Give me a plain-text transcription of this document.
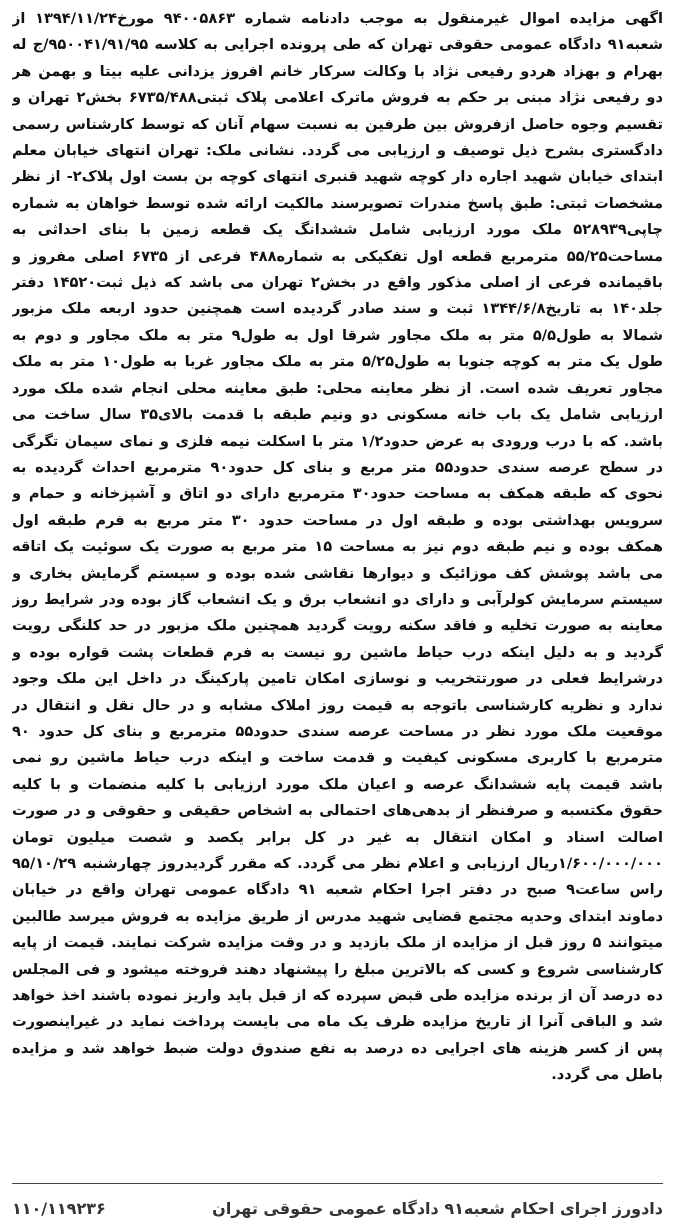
اگهی مزایده اموال غیرمنقول به موجب دادنامه شماره ۹۴۰۰۵۸۶۳ مورخ۱۳۹۴/۱۱/۲۴ از شعبه۹۱ دادگاه عمومی حقوقی تهران که طی پرونده اجرایی به کلاسه ۹۵۰۰۴۱/۹۱/۹۵/ج له بهرام و بهزاد هردو رفیعی نژاد با وکالت سرکار خانم افروز یزدانی علیه بیتا و بهمن هر دو رفیعی نژاد مبنی بر حکم به فروش ماترک اعلامی پلاک ثبتی۶۷۳۵/۴۸۸ بخش۲ تهران و تقسیم وجوه حاصل ازفروش بین طرفین به نسبت سهام آنان که توسط کارشناس رسمی دادگستری بشرح ذیل توصیف و ارزیابی می گردد. نشانی ملک: تهران انتهای خیابان معلم ابتدای خیابان شهید اجاره دار کوچه شهید قنبری انتهای کوچه بن بست اول پلاک۲- از نظر مشخصات ثبتی: طبق پاسخ مندرات تصویرسند مالکیت ارائه شده توسط خواهان به شماره چاپی۵۲۸۹۳۹ ملک مورد ارزیابی شامل ششدانگ یک قطعه زمین با بنای احداثی به مساحت۵۵/۲۵ مترمربع قطعه اول تفکیکی به شماره۴۸۸ فرعی از ۶۷۳۵ اصلی مفروز و باقیمانده فرعی از اصلی مذکور واقع در بخش۲ تهران می باشد که ذیل ثبت۱۴۵۲۰ دفتر جلد۱۴۰ به تاریخ۱۳۴۴/۶/۸ ثبت و سند صادر گردیده است همچنین حدود اربعه ملک مزبور شمالا به طول۵/۵ متر به ملک مجاور شرقا اول به طول۹ متر به ملک مجاور و دوم به طول یک متر به کوچه جنوبا به طول۵/۲۵ متر به ملک مجاور غربا به طول۱۰ متر به ملک مجاور تعریف شده است. از نظر معاینه محلی: طبق معاینه محلی انجام شده ملک مورد ارزیابی شامل یک باب خانه مسکونی دو ونیم طبقه با قدمت بالای۳۵ سال ساخت می باشد. که با درب ورودی به عرض حدود۱/۲ متر با اسکلت نیمه فلزی و نمای سیمان تگرگی در سطح عرصه سندی حدود۵۵ متر مربع و بنای کل حدود۹۰ مترمربع احداث گردیده به نحوی که طبقه همکف به مساحت حدود۳۰ مترمربع دارای دو اتاق و آشپزخانه و حمام و سرویس بهداشتی بوده و طبقه اول در مساحت حدود ۳۰ متر مربع به فرم طبقه اول همکف بوده و نیم طبقه دوم نیز به مساحت ۱۵ متر مربع به صورت یک سوئیت یک اتاقه می باشد پوشش کف موزائیک و دیوارها نقاشی شده بوده و سیستم گرمایش بخاری و سیستم سرمایش کولرآبی و دارای دو انشعاب برق و یک انشعاب گاز بوده ودر شرایط روز معاینه به صورت تخلیه و فاقد سکنه رویت گردید همچنین ملک مزبور در حد کلنگی رویت گردید و به دلیل اینکه درب حیاط ماشین رو نیست به فرم قطعات پشت قواره بوده و درشرایط فعلی در صورتتخریب و نوسازی امکان تامین پارکینگ در داخل این ملک وجود ندارد و نظریه کارشناسی باتوجه به قیمت روز املاک مشابه و در حال نقل و انتقال در موقعیت ملک مورد نظر در مساحت عرصه سندی حدود۵۵ مترمربع و بنای کل حدود ۹۰ مترمربع با کاربری مسکونی کیفیت و قدمت ساخت و اینکه درب حیاط ماشین رو نمی باشد قیمت پایه ششدانگ عرصه و اعیان ملک مورد ارزیابی با کلیه منضمات و با کلیه حقوق مکتسبه و صرفنظر از بدهی‌های احتمالی به اشخاص حقیقی و حقوقی و در صورت اصالت اسناد و امکان انتقال به غیر در کل برابر یکصد و شصت میلیون تومان ۱/۶۰۰/۰۰۰/۰۰۰ریال ارزیابی و اعلام نظر می گردد. که مقرر گردیدروز چهارشنبه ۹۵/۱۰/۲۹ راس ساعت۹ صبح در دفتر اجرا احکام شعبه ۹۱ دادگاه عمومی تهران واقع در خیابان دماوند ابتدای وحدیه مجتمع قضایی شهید مدرس از طریق مزایده به فروش میرسد طالبین میتوانند ۵ روز قبل از مزایده از ملک بازدید و در وقت مزایده شرکت نمایند. قیمت از پایه کارشناسی شروع و کسی که بالاترین مبلغ را پیشنهاد دهند فروخته میشود و فی المجلس ده درصد آن از برنده مزایده طی قبض سپرده که از قبل باید واریز نموده باشند اخذ خواهد شد و الباقی آنرا از تاریخ مزایده ظرف یک ماه می بایست پرداخت نماید در غیراینصورت پس از کسر هزینه های اجرایی ده درصد به نفع صندوق دولت ضبط خواهد شد و مزایده باطل می گردد.

دادورز اجرای احکام شعبه۹۱ دادگاه عمومی حقوقی تهران
۱۱۰/۱۱۹۲۳۶
